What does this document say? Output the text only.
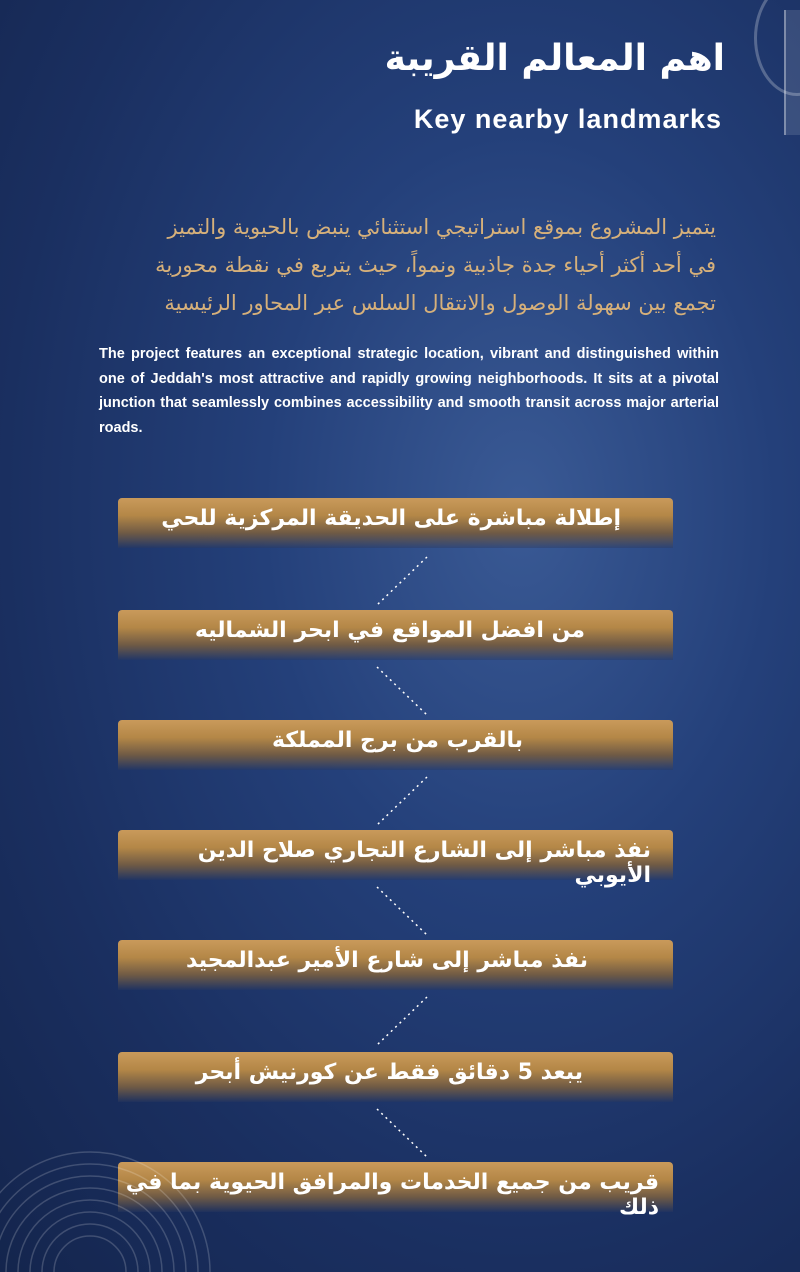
اهم المعالم القريبة
Key nearby landmarks
يتميز المشروع بموقع استراتيجي استثنائي ينبض بالحيوية والتميز
في أحد أكثر أحياء جدة جاذبية ونمواً، حيث يتربع في نقطة محورية
تجمع بين سهولة الوصول والانتقال السلس عبر المحاور الرئيسية

The project features an exceptional strategic location, vibrant and distinguished within one of Jeddah's most attractive and rapidly growing neighborhoods. It sits at a pivotal junction that seamlessly combines accessibility and smooth transit across major arterial roads.

إطلالة مباشرة على الحديقة المركزية للحي
من افضل المواقع في ابحر الشماليه
بالقرب من برج المملكة
نفذ مباشر إلى الشارع التجاري صلاح الدين الأيوبي
نفذ مباشر إلى شارع الأمير عبدالمجيد
يبعد 5 دقائق فقط عن كورنيش أبحر
قريب من جميع الخدمات والمرافق الحيوية بما في ذلك
